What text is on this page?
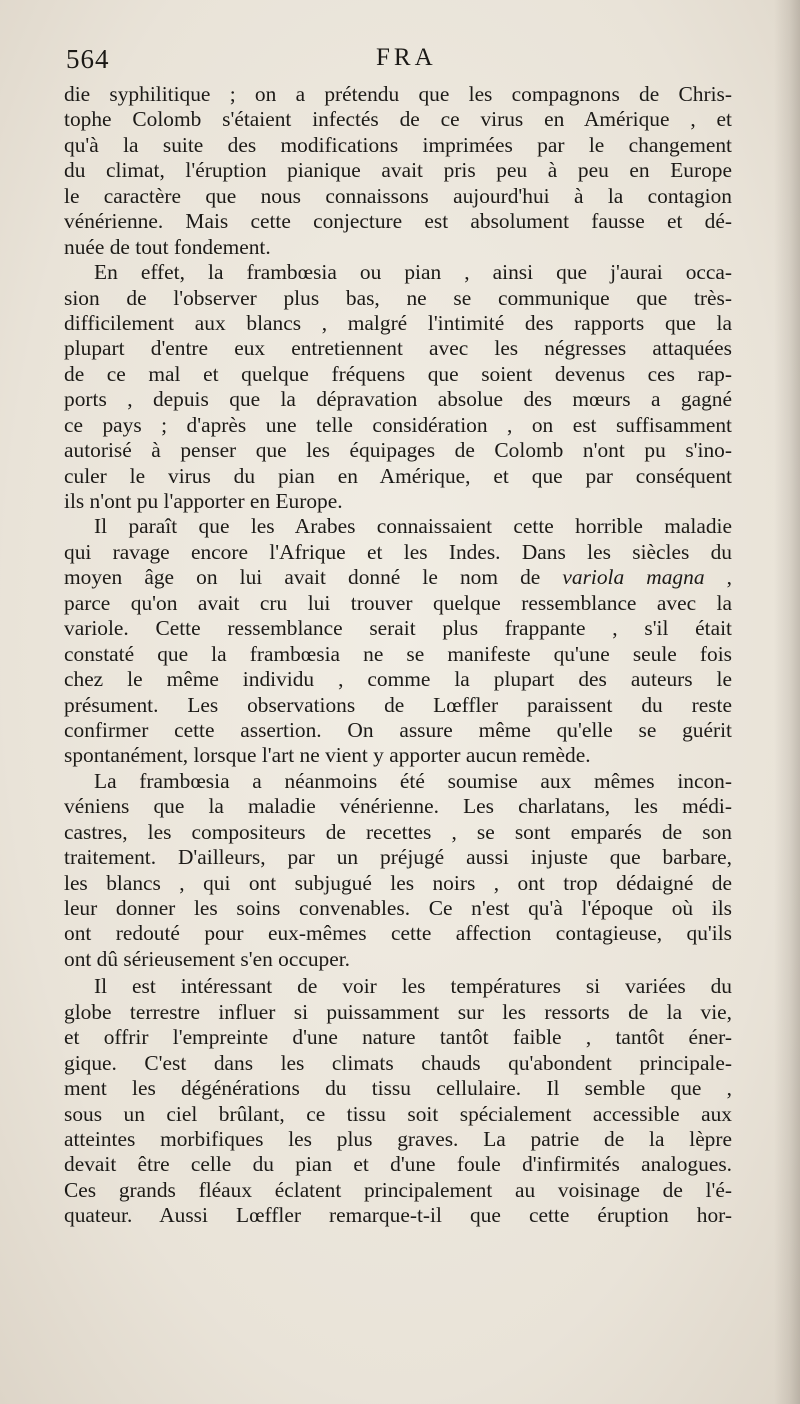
564	FRA
die syphilitique ; on a prétendu que les compagnons de Chris-
tophe Colomb s'étaient infectés de ce virus en Amérique , et
qu'à la suite des modifications imprimées par le changement
du climat, l'éruption pianique avait pris peu à peu en Europe
le caractère que nous connaissons aujourd'hui à la contagion
vénérienne. Mais cette conjecture est absolument fausse et dé-
nuée de tout fondement.
En effet, la frambœsia ou pian , ainsi que j'aurai occa-
sion de l'observer plus bas, ne se communique que très-
difficilement aux blancs , malgré l'intimité des rapports que la
plupart d'entre eux entretiennent avec les négresses attaquées
de ce mal et quelque fréquens que soient devenus ces rap-
ports , depuis que la dépravation absolue des mœurs a gagné
ce pays ; d'après une telle considération , on est suffisamment
autorisé à penser que les équipages de Colomb n'ont pu s'ino-
culer le virus du pian en Amérique, et que par conséquent
ils n'ont pu l'apporter en Europe.
Il paraît que les Arabes connaissaient cette horrible maladie
qui ravage encore l'Afrique et les Indes. Dans les siècles du
moyen âge on lui avait donné le nom de variola magna ,
parce qu'on avait cru lui trouver quelque ressemblance avec la
variole. Cette ressemblance serait plus frappante , s'il était
constaté que la frambœsia ne se manifeste qu'une seule fois
chez le même individu , comme la plupart des auteurs le
présument. Les observations de Lœffler paraissent du reste
confirmer cette assertion. On assure même qu'elle se guérit
spontanément, lorsque l'art ne vient y apporter aucun remède.
La frambœsia a néanmoins été soumise aux mêmes incon-
véniens que la maladie vénérienne. Les charlatans, les médi-
castres, les compositeurs de recettes , se sont emparés de son
traitement. D'ailleurs, par un préjugé aussi injuste que barbare,
les blancs , qui ont subjugué les noirs , ont trop dédaigné de
leur donner les soins convenables. Ce n'est qu'à l'époque où ils
ont redouté pour eux-mêmes cette affection contagieuse, qu'ils
ont dû sérieusement s'en occuper.
Il est intéressant de voir les températures si variées du
globe terrestre influer si puissamment sur les ressorts de la vie,
et offrir l'empreinte d'une nature tantôt faible , tantôt éner-
gique. C'est dans les climats chauds qu'abondent principale-
ment les dégénérations du tissu cellulaire. Il semble que ,
sous un ciel brûlant, ce tissu soit spécialement accessible aux
atteintes morbifiques les plus graves. La patrie de la lèpre
devait être celle du pian et d'une foule d'infirmités analogues.
Ces grands fléaux éclatent principalement au voisinage de l'é-
quateur. Aussi Lœffler remarque-t-il que cette éruption hor-
